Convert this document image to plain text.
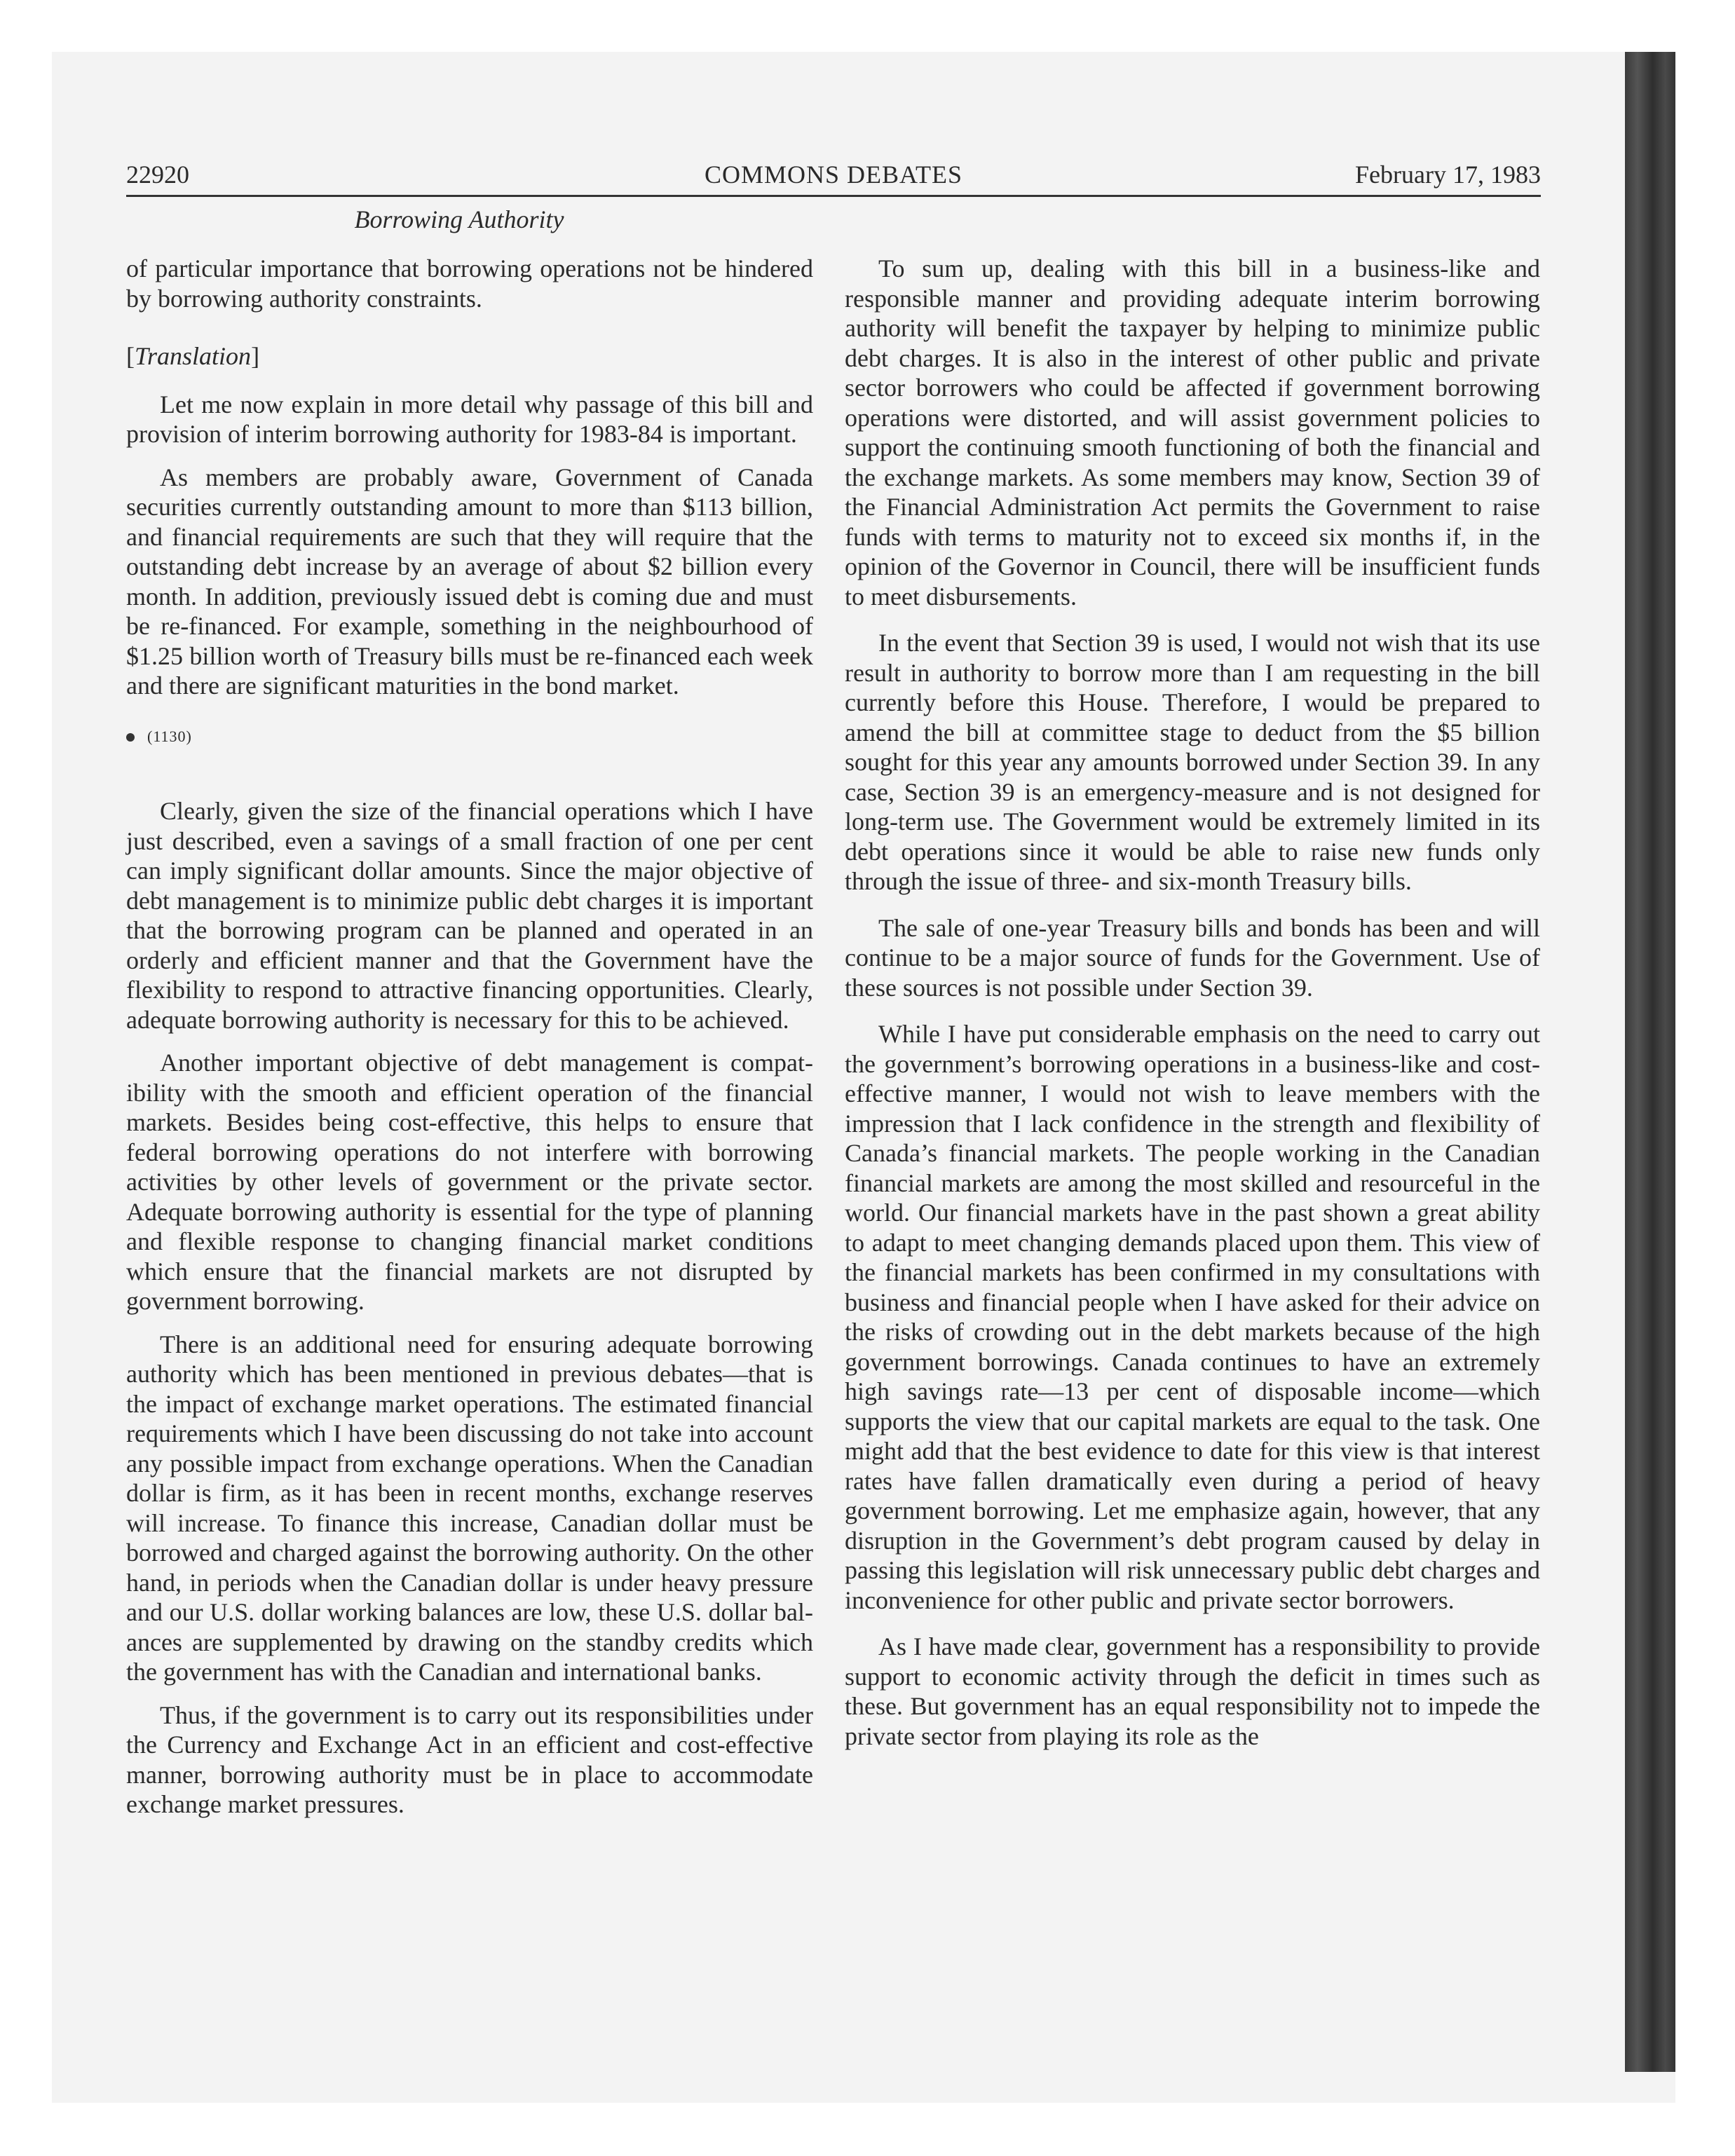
22920	COMMONS DEBATES	February 17, 1983
Borrowing Authority

of particular importance that borrowing operations not be hindered by borrowing authority constraints.

[Translation]

Let me now explain in more detail why passage of this bill and provision of interim borrowing authority for 1983-84 is important.

As members are probably aware, Government of Canada securities currently outstanding amount to more than $113 billion, and financial requirements are such that they will require that the outstanding debt increase by an average of about $2 billion every month. In addition, previously issued debt is coming due and must be re-financed. For example, something in the neighbourhood of $1.25 billion worth of Treasury bills must be re-financed each week and there are significant maturities in the bond market.

(1130)

Clearly, given the size of the financial operations which I have just described, even a savings of a small fraction of one per cent can imply significant dollar amounts. Since the major objective of debt management is to minimize public debt charges it is important that the borrowing program can be planned and operated in an orderly and efficient manner and that the Government have the flexibility to respond to attractive financing opportunities. Clearly, adequate borrowing authority is necessary for this to be achieved.

Another important objective of debt management is compatibility with the smooth and efficient operation of the financial markets. Besides being cost-effective, this helps to ensure that federal borrowing operations do not interfere with borrowing activities by other levels of government or the private sector. Adequate borrowing authority is essential for the type of planning and flexible response to changing financial market conditions which ensure that the financial markets are not disrupted by government borrowing.

There is an additional need for ensuring adequate borrowing authority which has been mentioned in previous debates—that is the impact of exchange market operations. The estimated financial requirements which I have been discussing do not take into account any possible impact from exchange operations. When the Canadian dollar is firm, as it has been in recent months, exchange reserves will increase. To finance this increase, Canadian dollar must be borrowed and charged against the borrowing authority. On the other hand, in periods when the Canadian dollar is under heavy pressure and our U.S. dollar working balances are low, these U.S. dollar balances are supplemented by drawing on the standby credits which the government has with the Canadian and international banks.

Thus, if the government is to carry out its responsibilities under the Currency and Exchange Act in an efficient and cost-effective manner, borrowing authority must be in place to accommodate exchange market pressures.

To sum up, dealing with this bill in a business-like and responsible manner and providing adequate interim borrowing authority will benefit the taxpayer by helping to minimize public debt charges. It is also in the interest of other public and private sector borrowers who could be affected if government borrowing operations were distorted, and will assist government policies to support the continuing smooth functioning of both the financial and the exchange markets. As some members may know, Section 39 of the Financial Administration Act permits the Government to raise funds with terms to maturity not to exceed six months if, in the opinion of the Governor in Council, there will be insufficient funds to meet disbursements.

In the event that Section 39 is used, I would not wish that its use result in authority to borrow more than I am requesting in the bill currently before this House. Therefore, I would be prepared to amend the bill at committee stage to deduct from the $5 billion sought for this year any amounts borrowed under Section 39. In any case, Section 39 is an emergency-measure and is not designed for long-term use. The Government would be extremely limited in its debt operations since it would be able to raise new funds only through the issue of three- and six-month Treasury bills.

The sale of one-year Treasury bills and bonds has been and will continue to be a major source of funds for the Government. Use of these sources is not possible under Section 39.

While I have put considerable emphasis on the need to carry out the government’s borrowing operations in a business-like and cost-effective manner, I would not wish to leave members with the impression that I lack confidence in the strength and flexibility of Canada’s financial markets. The people working in the Canadian financial markets are among the most skilled and resourceful in the world. Our financial markets have in the past shown a great ability to adapt to meet changing demands placed upon them. This view of the financial markets has been confirmed in my consultations with business and financial people when I have asked for their advice on the risks of crowding out in the debt markets because of the high government borrowings. Canada continues to have an extremely high savings rate—13 per cent of disposable income—which supports the view that our capital markets are equal to the task. One might add that the best evidence to date for this view is that interest rates have fallen dramatically even during a period of heavy government borrowing. Let me emphasize again, however, that any disruption in the Government’s debt program caused by delay in passing this legislation will risk unnecessary public debt charges and inconvenience for other public and private sector borrowers.

As I have made clear, government has a responsibility to provide support to economic activity through the deficit in times such as these. But government has an equal responsibility not to impede the private sector from playing its role as the
